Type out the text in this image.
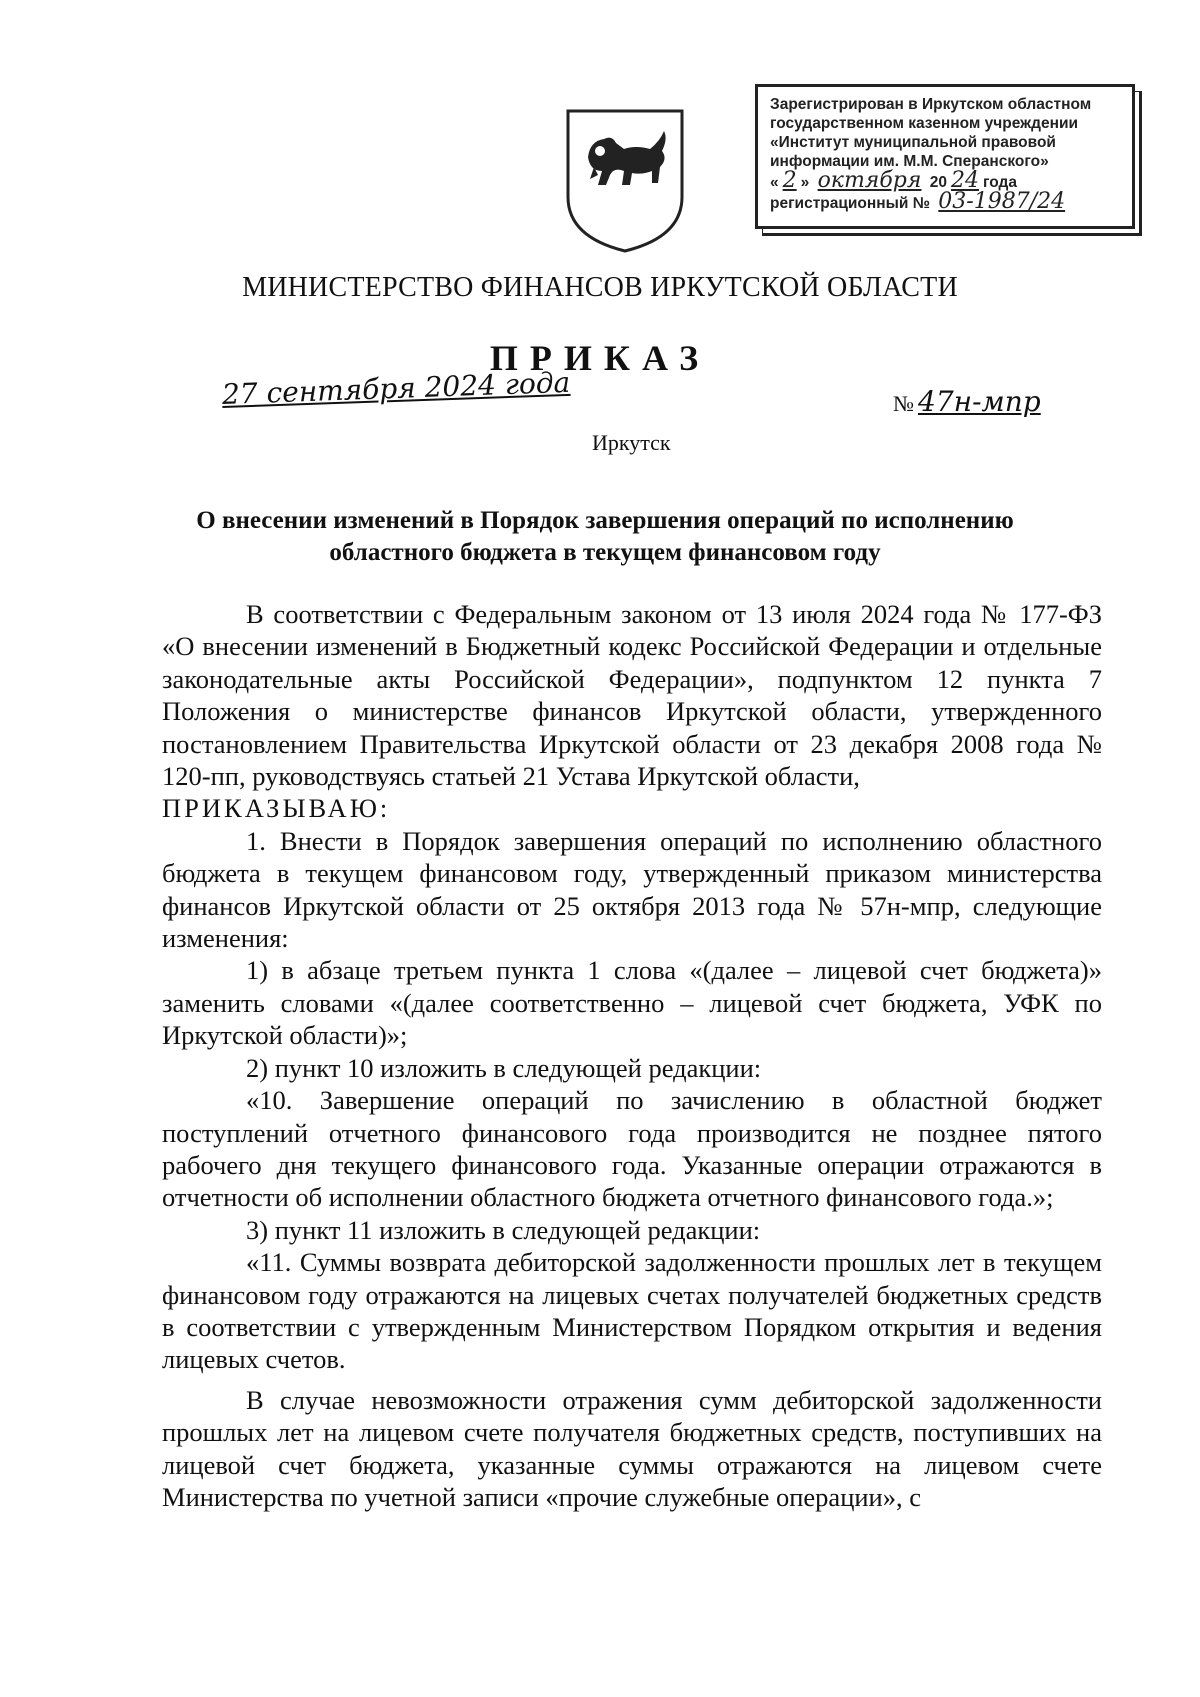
Зарегистрирован в Иркутском областном
государственном казенном учреждении
«Институт муниципальной правовой
информации им. М.М. Сперанского»
« 2 » октября 20 24 года
регистрационный № 03-1987/24
МИНИСТЕРСТВО ФИНАНСОВ ИРКУТСКОЙ ОБЛАСТИ
ПРИКАЗ
27 сентября 2024 года	№ 47н-мпр
Иркутск
О внесении изменений в Порядок завершения операций по исполнению областного бюджета в текущем финансовом году

В соответствии с Федеральным законом от 13 июля 2024 года № 177-ФЗ «О внесении изменений в Бюджетный кодекс Российской Федерации и отдельные законодательные акты Российской Федерации», подпунктом 12 пункта 7 Положения о министерстве финансов Иркутской области, утвержденного постановлением Правительства Иркутской области от 23 декабря 2008 года № 120-пп, руководствуясь статьей 21 Устава Иркутской области,

ПРИКАЗЫВАЮ:

1. Внести в Порядок завершения операций по исполнению областного бюджета в текущем финансовом году, утвержденный приказом министерства финансов Иркутской области от 25 октября 2013 года № 57н-мпр, следующие изменения:

1) в абзаце третьем пункта 1 слова «(далее – лицевой счет бюджета)» заменить словами «(далее соответственно – лицевой счет бюджета, УФК по Иркутской области)»;

2) пункт 10 изложить в следующей редакции:

«10. Завершение операций по зачислению в областной бюджет поступлений отчетного финансового года производится не позднее пятого рабочего дня текущего финансового года. Указанные операции отражаются в отчетности об исполнении областного бюджета отчетного финансового года.»;

3) пункт 11 изложить в следующей редакции:

«11. Суммы возврата дебиторской задолженности прошлых лет в текущем финансовом году отражаются на лицевых счетах получателей бюджетных средств в соответствии с утвержденным Министерством Порядком открытия и ведения лицевых счетов.

В случае невозможности отражения сумм дебиторской задолженности прошлых лет на лицевом счете получателя бюджетных средств, поступивших на лицевой счет бюджета, указанные суммы отражаются на лицевом счете Министерства по учетной записи «прочие служебные операции», с
